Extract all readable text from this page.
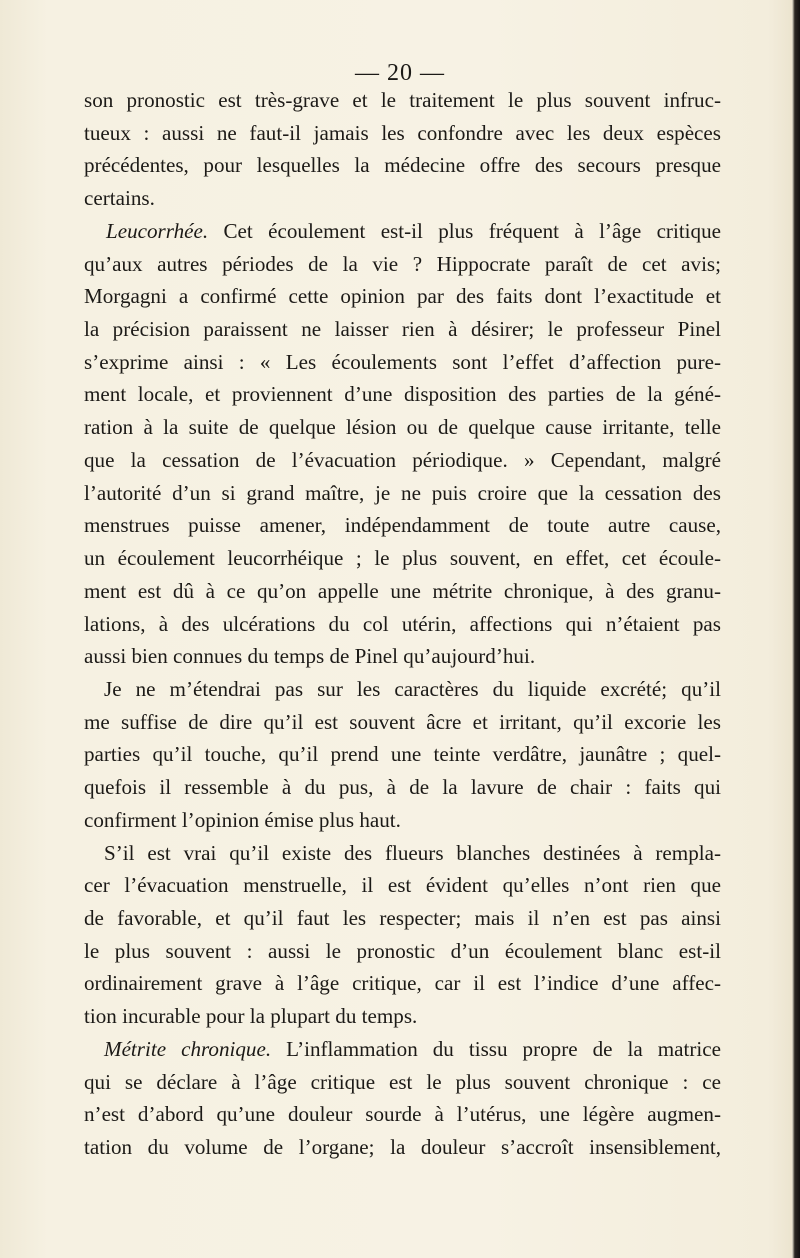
— 20 —
son pronostic est très-grave et le traitement le plus souvent infruc-
tueux : aussi ne faut-il jamais les confondre avec les deux espèces
précédentes, pour lesquelles la médecine offre des secours presque
certains.
Leucorrhée. Cet écoulement est-il plus fréquent à l’âge critique
qu’aux autres périodes de la vie ? Hippocrate paraît de cet avis;
Morgagni a confirmé cette opinion par des faits dont l’exactitude et
la précision paraissent ne laisser rien à désirer; le professeur Pinel
s’exprime ainsi : « Les écoulements sont l’effet d’affection pure-
ment locale, et proviennent d’une disposition des parties de la géné-
ration à la suite de quelque lésion ou de quelque cause irritante, telle
que la cessation de l’évacuation périodique. » Cependant, malgré
l’autorité d’un si grand maître, je ne puis croire que la cessation des
menstrues puisse amener, indépendamment de toute autre cause,
un écoulement leucorrhéique ; le plus souvent, en effet, cet écoule-
ment est dû à ce qu’on appelle une métrite chronique, à des granu-
lations, à des ulcérations du col utérin, affections qui n’étaient pas
aussi bien connues du temps de Pinel qu’aujourd’hui.
Je ne m’étendrai pas sur les caractères du liquide excrété; qu’il
me suffise de dire qu’il est souvent âcre et irritant, qu’il excorie les
parties qu’il touche, qu’il prend une teinte verdâtre, jaunâtre ; quel-
quefois il ressemble à du pus, à de la lavure de chair : faits qui
confirment l’opinion émise plus haut.
S’il est vrai qu’il existe des flueurs blanches destinées à rempla-
cer l’évacuation menstruelle, il est évident qu’elles n’ont rien que
de favorable, et qu’il faut les respecter; mais il n’en est pas ainsi
le plus souvent : aussi le pronostic d’un écoulement blanc est-il
ordinairement grave à l’âge critique, car il est l’indice d’une affec-
tion incurable pour la plupart du temps.
Métrite chronique. L’inflammation du tissu propre de la matrice
qui se déclare à l’âge critique est le plus souvent chronique : ce
n’est d’abord qu’une douleur sourde à l’utérus, une légère augmen-
tation du volume de l’organe; la douleur s’accroît insensiblement,
